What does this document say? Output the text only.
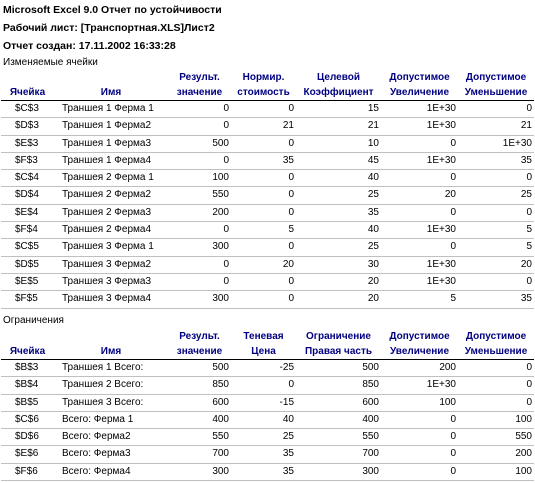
Microsoft Excel 9.0 Отчет по устойчивости
Рабочий лист: [Транспортная.XLS]Лист2
Отчет создан: 17.11.2002 16:33:28
Изменяемые ячейки
		Результ.	Нормир.	Целевой	Допустимое	Допустимое
Ячейка	Имя	значение	стоимость	Коэффициент	Увеличение	Уменьшение
$C$3	Траншея 1 Ферма 1	0	0	15	1E+30	0
$D$3	Траншея 1 Ферма2	0	21	21	1E+30	21
$E$3	Траншея 1 Ферма3	500	0	10	0	1E+30
$F$3	Траншея 1 Ферма4	0	35	45	1E+30	35
$C$4	Траншея 2 Ферма 1	100	0	40	0	0
$D$4	Траншея 2 Ферма2	550	0	25	20	25
$E$4	Траншея 2 Ферма3	200	0	35	0	0
$F$4	Траншея 2 Ферма4	0	5	40	1E+30	5
$C$5	Траншея 3 Ферма 1	300	0	25	0	5
$D$5	Траншея 3 Ферма2	0	20	30	1E+30	20
$E$5	Траншея 3 Ферма3	0	0	20	1E+30	0
$F$5	Траншея 3 Ферма4	300	0	20	5	35
Ограничения
		Результ.	Теневая	Ограничение	Допустимое	Допустимое
Ячейка	Имя	значение	Цена	Правая часть	Увеличение	Уменьшение
$B$3	Траншея 1 Всего:	500	-25	500	200	0
$B$4	Траншея 2 Всего:	850	0	850	1E+30	0
$B$5	Траншея 3 Всего:	600	-15	600	100	0
$C$6	Всего: Ферма 1	400	40	400	0	100
$D$6	Всего: Ферма2	550	25	550	0	550
$E$6	Всего: Ферма3	700	35	700	0	200
$F$6	Всего: Ферма4	300	35	300	0	100
